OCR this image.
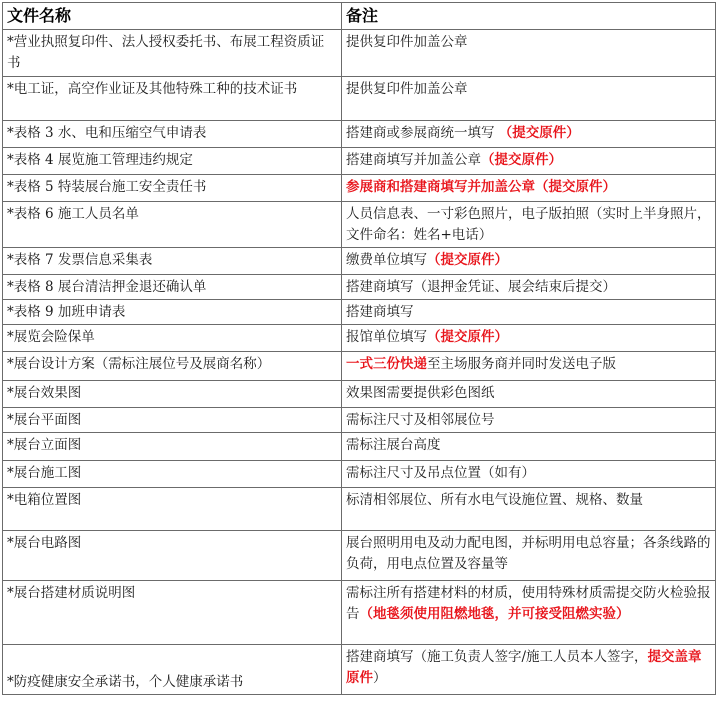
文件名称	备注
*营业执照复印件、法人授权委托书、布展工程资质证书	提供复印件加盖公章
*电工证，高空作业证及其他特殊工种的技术证书	提供复印件加盖公章
*表格 3 水、电和压缩空气申请表	搭建商或参展商统一填写 （提交原件）
*表格 4 展览施工管理违约规定	搭建商填写并加盖公章（提交原件）
*表格 5 特装展台施工安全责任书	参展商和搭建商填写并加盖公章（提交原件）
*表格 6 施工人员名单	人员信息表、一寸彩色照片，电子版拍照（实时上半身照片，文件命名：姓名+电话）
*表格 7 发票信息采集表	缴费单位填写（提交原件）
*表格 8 展台清洁押金退还确认单	搭建商填写（退押金凭证、展会结束后提交）
*表格 9 加班申请表	搭建商填写
*展览会险保单	报馆单位填写（提交原件）
*展台设计方案（需标注展位号及展商名称）	一式三份快递至主场服务商并同时发送电子版
*展台效果图	效果图需要提供彩色图纸
*展台平面图	需标注尺寸及相邻展位号
*展台立面图	需标注展台高度
*展台施工图	需标注尺寸及吊点位置（如有）
*电箱位置图	标清相邻展位、所有水电气设施位置、规格、数量
*展台电路图	展台照明用电及动力配电图，并标明用电总容量；各条线路的负荷，用电点位置及容量等
*展台搭建材质说明图	需标注所有搭建材料的材质，使用特殊材质需提交防火检验报告（地毯须使用阻燃地毯，并可接受阻燃实验）
*防疫健康安全承诺书，个人健康承诺书	搭建商填写（施工负责人签字/施工人员本人签字，提交盖章原件）
